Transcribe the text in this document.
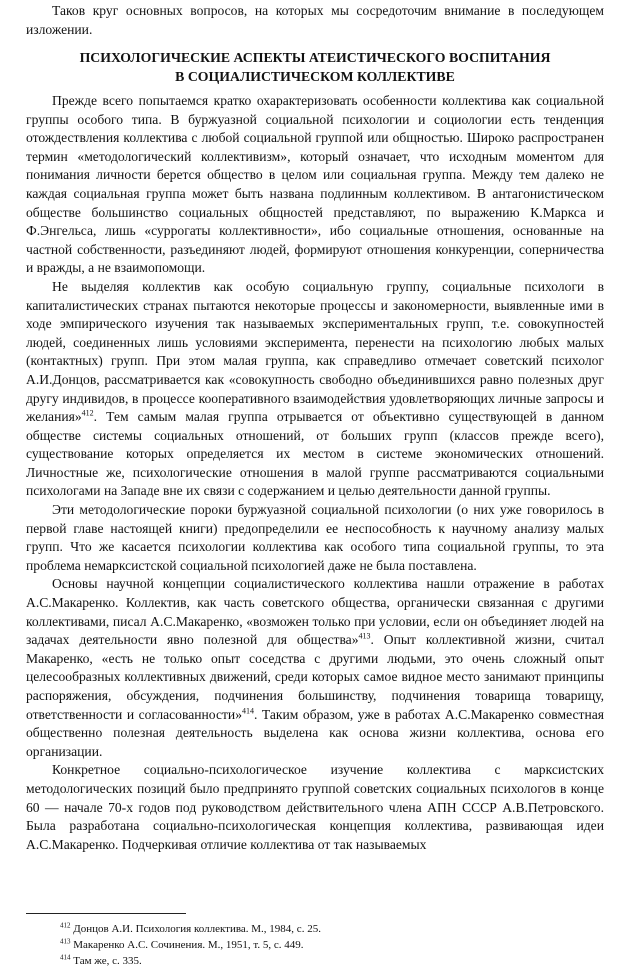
Таков круг основных вопросов, на которых мы сосредоточим внимание в последующем изложении.

ПСИХОЛОГИЧЕСКИЕ АСПЕКТЫ АТЕИСТИЧЕСКОГО ВОСПИТАНИЯ
В СОЦИАЛИСТИЧЕСКОМ КОЛЛЕКТИВЕ

Прежде всего попытаемся кратко охарактеризовать особенности коллектива как социальной группы особого типа. В буржуазной социальной психологии и социологии есть тенденция отождествления коллектива с любой социальной группой или общностью. Широко распространен термин «методологический коллективизм», который означает, что исходным моментом для понимания личности берется общество в целом или социальная группа. Между тем далеко не каждая социальная группа может быть названа подлинным коллективом. В антагонистическом обществе большинство социальных общностей представляют, по выражению К.Маркса и Ф.Энгельса, лишь «суррогаты коллективности», ибо социальные отношения, основанные на частной собственности, разъединяют людей, формируют отношения конкуренции, соперничества и вражды, а не взаимопомощи.

Не выделяя коллектив как особую социальную группу, социальные психологи в капиталистических странах пытаются некоторые процессы и закономерности, выявленные ими в ходе эмпирического изучения так называемых экспериментальных групп, т.е. совокупностей людей, соединенных лишь условиями эксперимента, перенести на психологию любых малых (контактных) групп. При этом малая группа, как справедливо отмечает советский психолог А.И.Донцов, рассматривается как «совокупность свободно объединившихся равно полезных друг другу индивидов, в процессе кооперативного взаимодействия удовлетворяющих личные запросы и желания»$^{412}$. Тем самым малая группа отрывается от объективно существующей в данном обществе системы социальных отношений, от больших групп (классов прежде всего), существование которых определяется их местом в системе экономических отношений. Личностные же, психологические отношения в малой группе рассматриваются социальными психологами на Западе вне их связи с содержанием и целью деятельности данной группы.

Эти методологические пороки буржуазной социальной психологии (о них уже говорилось в первой главе настоящей книги) предопределили ее неспособность к научному анализу малых групп. Что же касается психологии коллектива как особого типа социальной группы, то эта проблема немарксистской социальной психологией даже не была поставлена.

Основы научной концепции социалистического коллектива нашли отражение в работах А.С.Макаренко. Коллектив, как часть советского общества, органически связанная с другими коллективами, писал А.С.Макаренко, «возможен только при условии, если он объединяет людей на задачах деятельности явно полезной для общества»$^{413}$. Опыт коллективной жизни, считал Макаренко, «есть не только опыт соседства с другими людьми, это очень сложный опыт целесообразных коллективных движений, среди которых самое видное место занимают принципы распоряжения, обсуждения, подчинения большинству, подчинения товарища товарищу, ответственности и согласованности»$^{414}$. Таким образом, уже в работах А.С.Макаренко совместная общественно полезная деятельность выделена как основа жизни коллектива, основа его организации.

Конкретное социально-психологическое изучение коллектива с марксистских методологических позиций было предпринято группой советских социальных психологов в конце 60 — начале 70-х годов под руководством действительного члена АПН СССР А.В.Петровского. Была разработана социально-психологическая концепция коллектива, развивающая идеи А.С.Макаренко. Подчеркивая отличие коллектива от так называемых

$^{412}$ Донцов А.И. Психология коллектива. М., 1984, с. 25.

$^{413}$ Макаренко А.С. Сочинения. М., 1951, т. 5, с. 449.

$^{414}$ Там же, с. 335.
